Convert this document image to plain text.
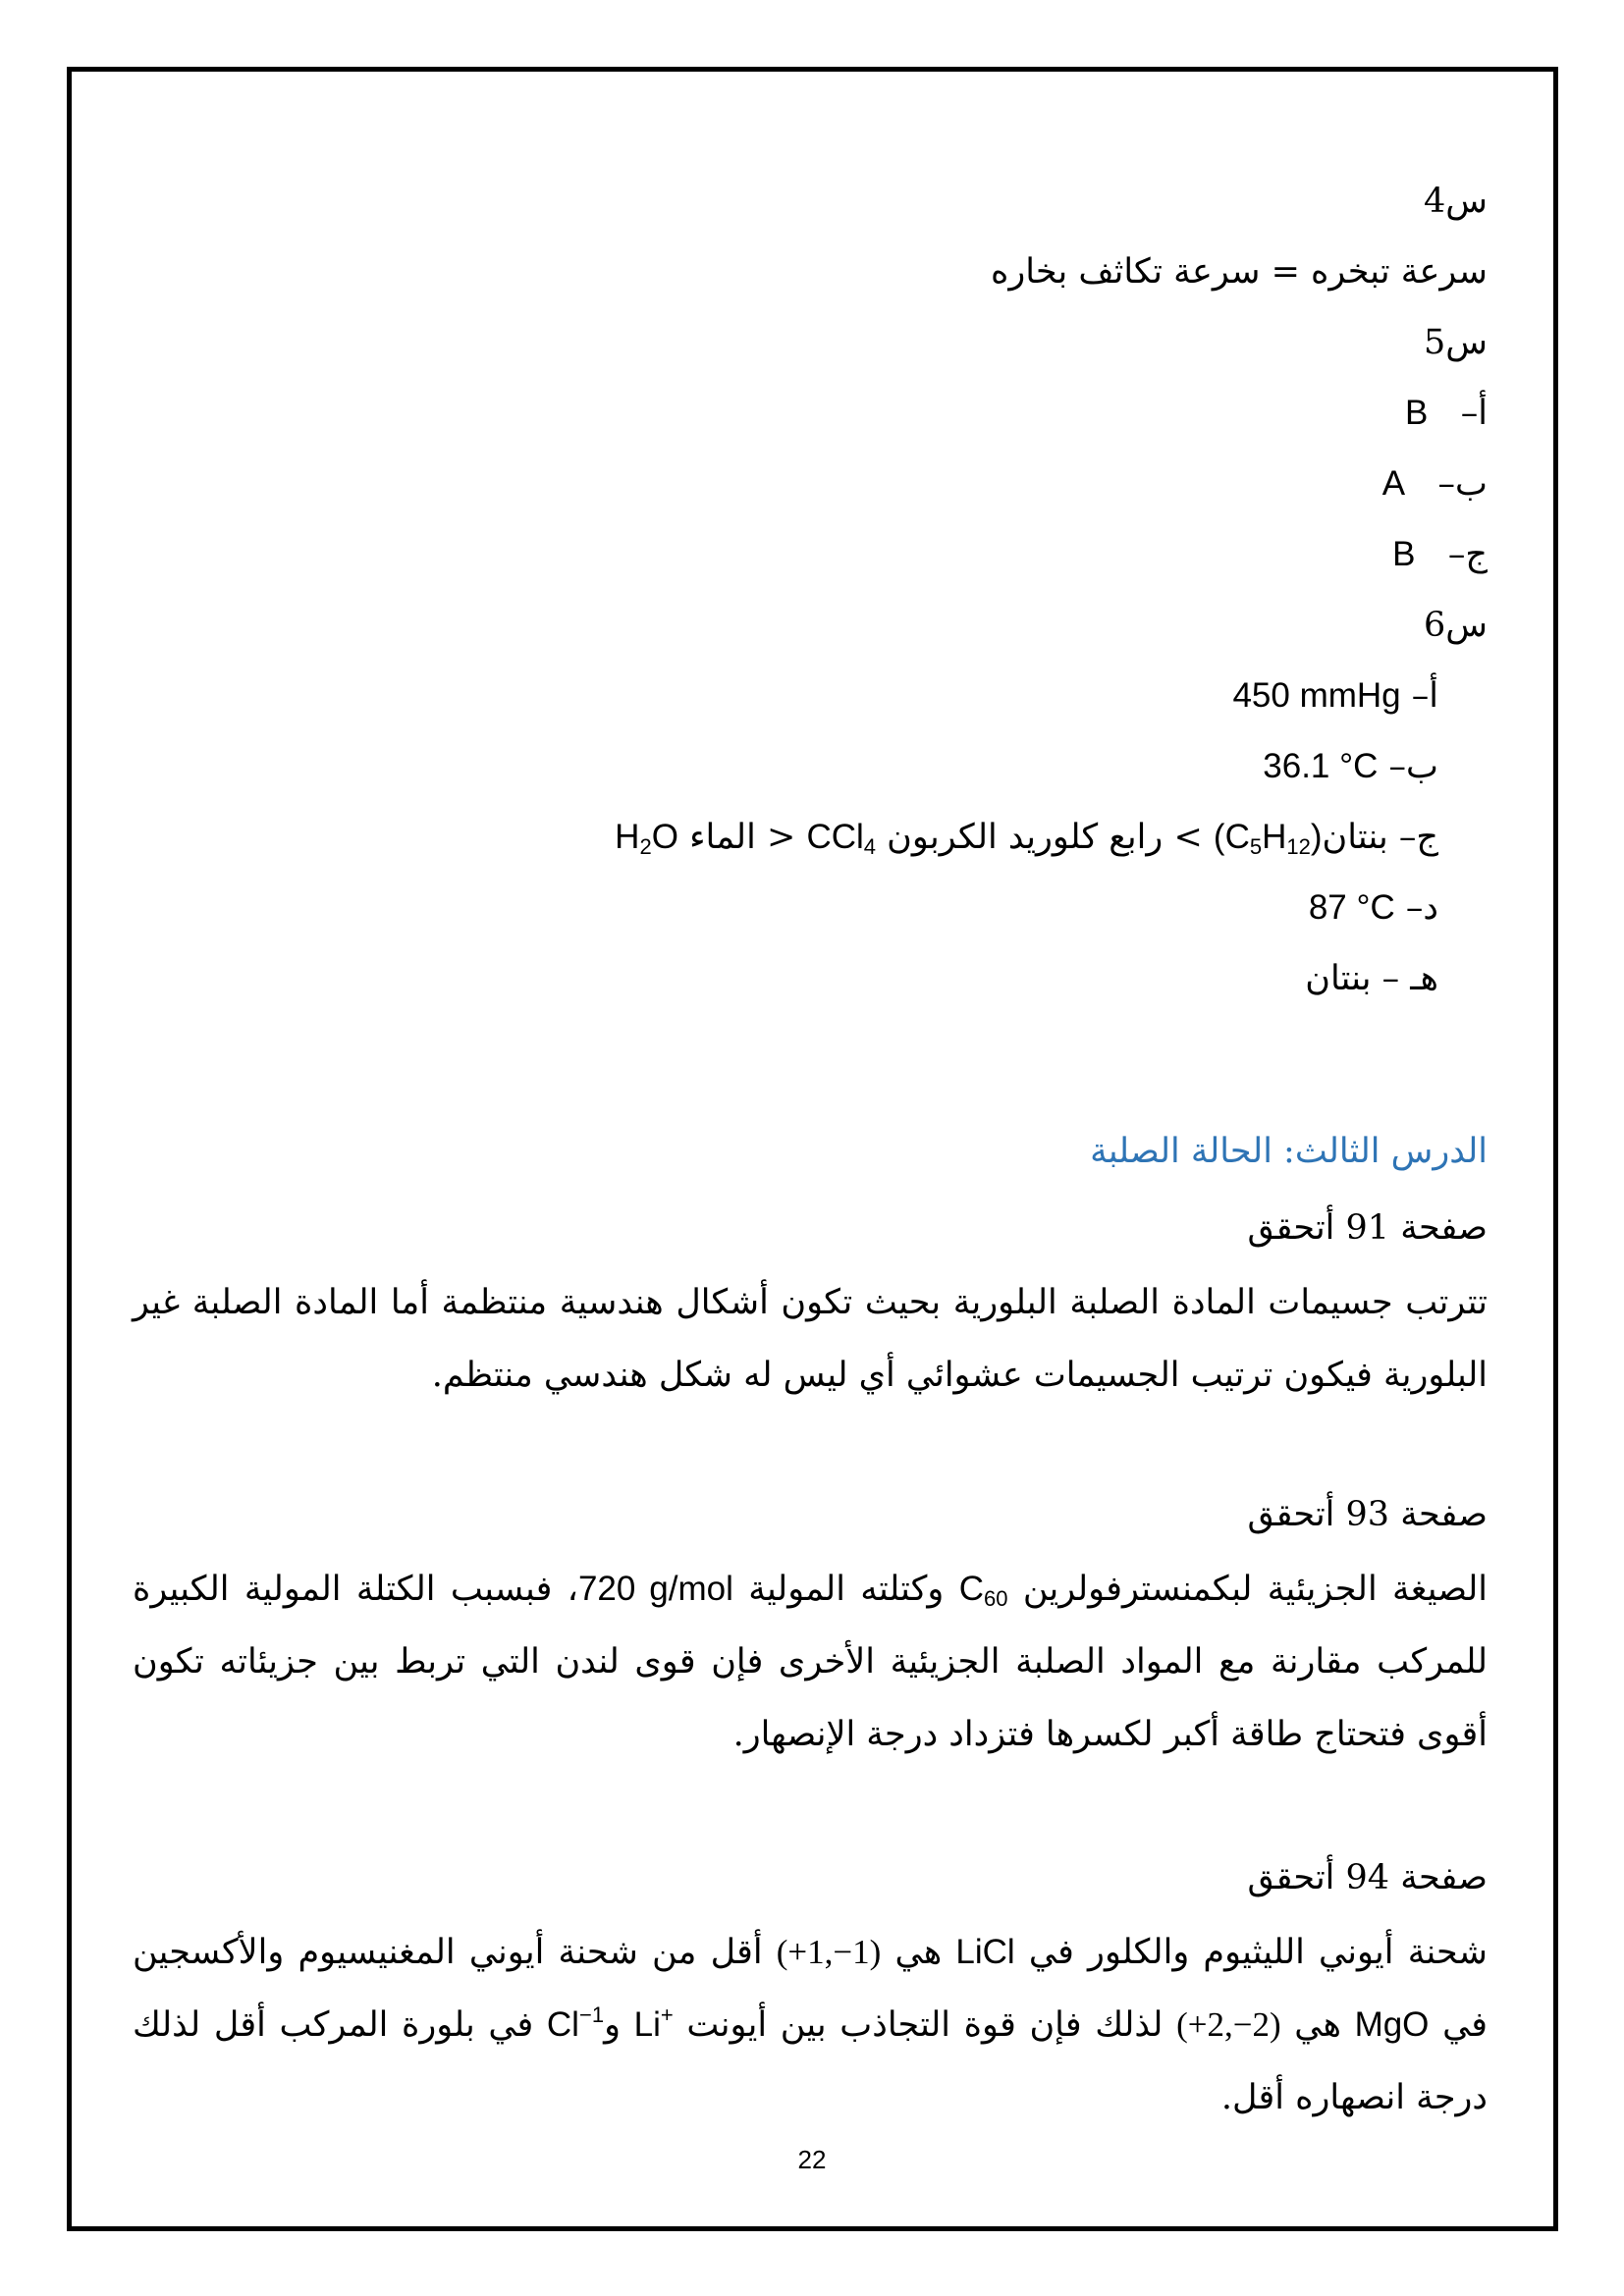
س4
سرعة تبخره = سرعة تكاثف بخاره
س5
أ–   B
ب–   A
ج–   B
س6
أ– 450 mmHg
ب– 36.1 °C
ج– $بنتان(C_5H_{12})$ > رابع كلوريد الكربون CCl$_4$ < الماء $H_2O$
د– 87 °C
هـ – بنتان
الدرس الثالث: الحالة الصلبة
صفحة 91 أتحقق
تترتب جسيمات المادة الصلبة البلورية بحيث تكون أشكال هندسية منتظمة أما المادة الصلبة غير البلورية فيكون ترتيب الجسيمات عشوائي أي ليس له شكل هندسي منتظم.
صفحة 93 أتحقق
الصيغة الجزيئية لبكمنسترفولرين $C_{60}$ وكتلته المولية 720 g/mol، فبسبب الكتلة المولية الكبيرة للمركب مقارنة مع المواد الصلبة الجزيئية الأخرى فإن قوى لندن التي تربط بين جزيئاته تكون أقوى فتحتاج طاقة أكبر لكسرها فتزداد درجة الإنصهار.
صفحة 94 أتحقق
شحنة أيوني الليثيوم والكلور في LiCl هي (+1,−1) أقل من شحنة أيوني المغنيسيوم والأكسجين في MgO هي (+2,−2) لذلك فإن قوة التجاذب بين أيونت Li+ وCl$^{-1}$ في بلورة المركب أقل لذلك درجة انصهاره أقل.
22
